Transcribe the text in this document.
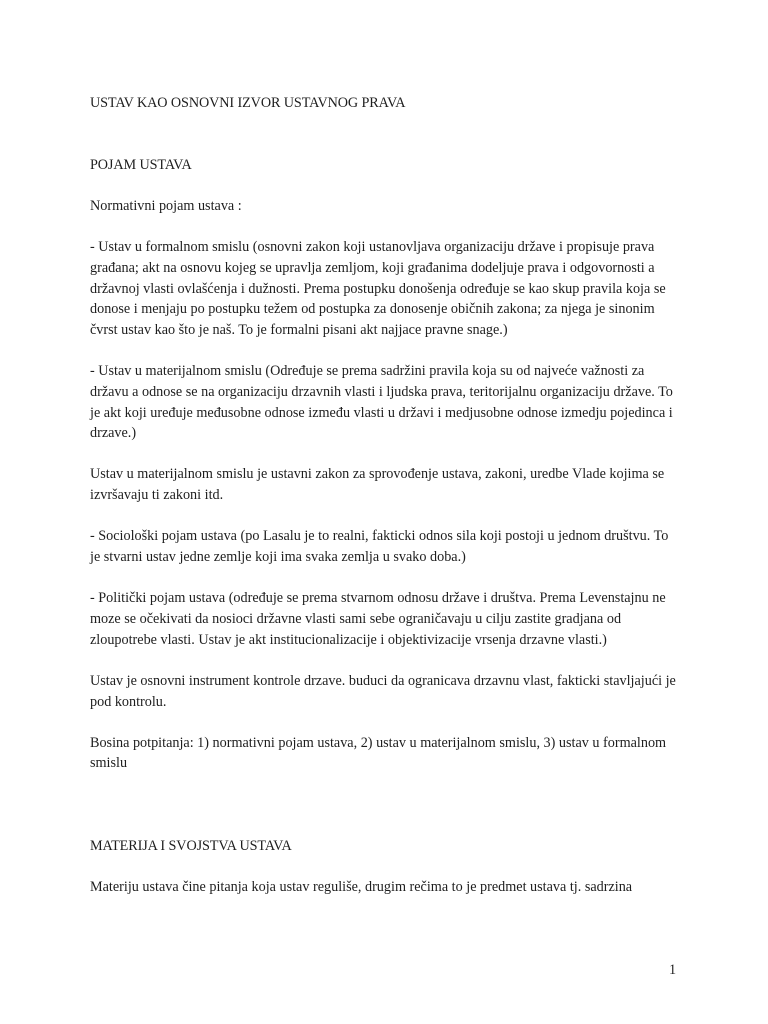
USTAV KAO OSNOVNI IZVOR USTAVNOG PRAVA

POJAM USTAVA

Normativni pojam ustava :

- Ustav u formalnom smislu (osnovni zakon koji ustanovljava organizaciju države i propisuje prava građana; akt na osnovu kojeg se upravlja zemljom, koji građanima dodeljuje prava i odgovornosti a državnoj vlasti ovlašćenja i dužnosti. Prema postupku donošenja određuje se kao skup pravila koja se donose i menjaju po postupku težem od postupka za donosenje običnih zakona; za njega je sinonim čvrst ustav kao što je naš. To je formalni pisani akt najjace pravne snage.)

- Ustav u materijalnom smislu (Određuje se prema sadržini pravila koja su od najveće važnosti za državu a odnose se na organizaciju drzavnih vlasti i ljudska prava, teritorijalnu organizaciju države. To je akt koji uređuje međusobne odnose između vlasti u državi i medjusobne odnose izmedju pojedinca i drzave.)

Ustav u materijalnom smislu je ustavni zakon za sprovođenje ustava, zakoni, uredbe Vlade kojima se izvršavaju ti zakoni itd.

- Sociološki pojam ustava (po Lasalu je to realni, fakticki odnos sila koji postoji u jednom društvu. To je stvarni ustav jedne zemlje koji ima svaka zemlja u svako doba.)

- Politički pojam ustava (određuje se prema stvarnom odnosu države i društva. Prema Levenstajnu ne moze se očekivati da nosioci državne vlasti sami sebe ograničavaju u cilju zastite gradjana od zloupotrebe vlasti. Ustav je akt institucionalizacije i objektivizacije vrsenja drzavne vlasti.)

Ustav je osnovni instrument kontrole drzave. buduci da ogranicava drzavnu vlast, fakticki stavljajući je pod kontrolu.

Bosina potpitanja: 1) normativni pojam ustava, 2) ustav u materijalnom smislu, 3) ustav u formalnom smislu

MATERIJA I SVOJSTVA USTAVA

Materiju ustava čine pitanja koja ustav reguliše, drugim rečima to je predmet ustava tj. sadrzina

1
